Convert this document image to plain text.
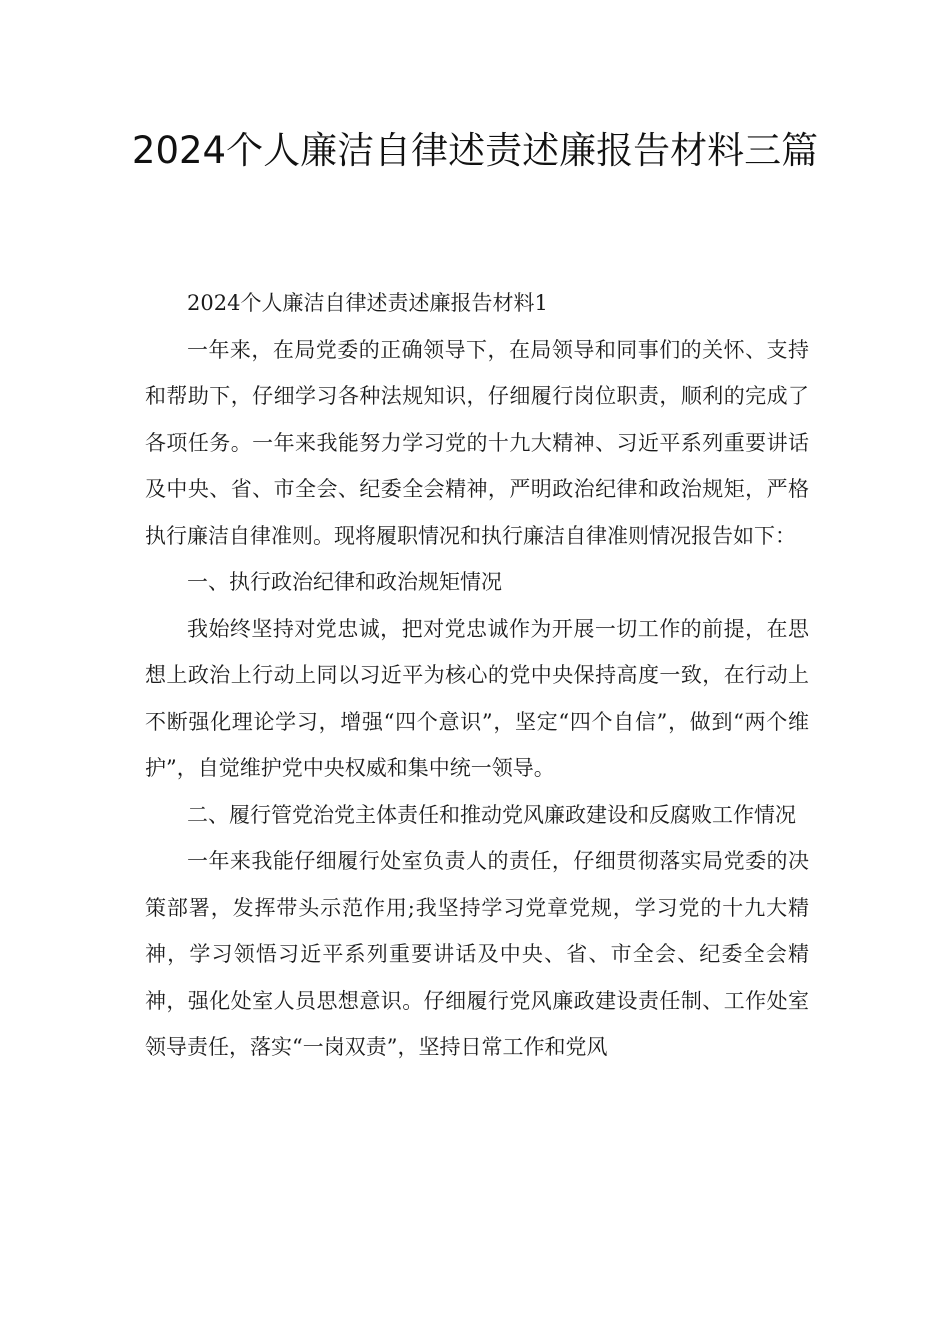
2024个人廉洁自律述责述廉报告材料三篇

2024个人廉洁自律述责述廉报告材料1

一年来，在局党委的正确领导下，在局领导和同事们的关怀、支持和帮助下，仔细学习各种法规知识，仔细履行岗位职责，顺利的完成了各项任务。一年来我能努力学习党的十九大精神、习近平系列重要讲话及中央、省、市全会、纪委全会精神，严明政治纪律和政治规矩，严格执行廉洁自律准则。现将履职情况和执行廉洁自律准则情况报告如下：

一、执行政治纪律和政治规矩情况

我始终坚持对党忠诚，把对党忠诚作为开展一切工作的前提，在思想上政治上行动上同以习近平为核心的党中央保持高度一致，在行动上不断强化理论学习，增强“四个意识”，坚定“四个自信”，做到“两个维护”，自觉维护党中央权威和集中统一领导。

二、履行管党治党主体责任和推动党风廉政建设和反腐败工作情况

一年来我能仔细履行处室负责人的责任，仔细贯彻落实局党委的决策部署，发挥带头示范作用;我坚持学习党章党规，学习党的十九大精神，学习领悟习近平系列重要讲话及中央、省、市全会、纪委全会精神，强化处室人员思想意识。仔细履行党风廉政建设责任制、工作处室领导责任，落实“一岗双责”，坚持日常工作和党风
